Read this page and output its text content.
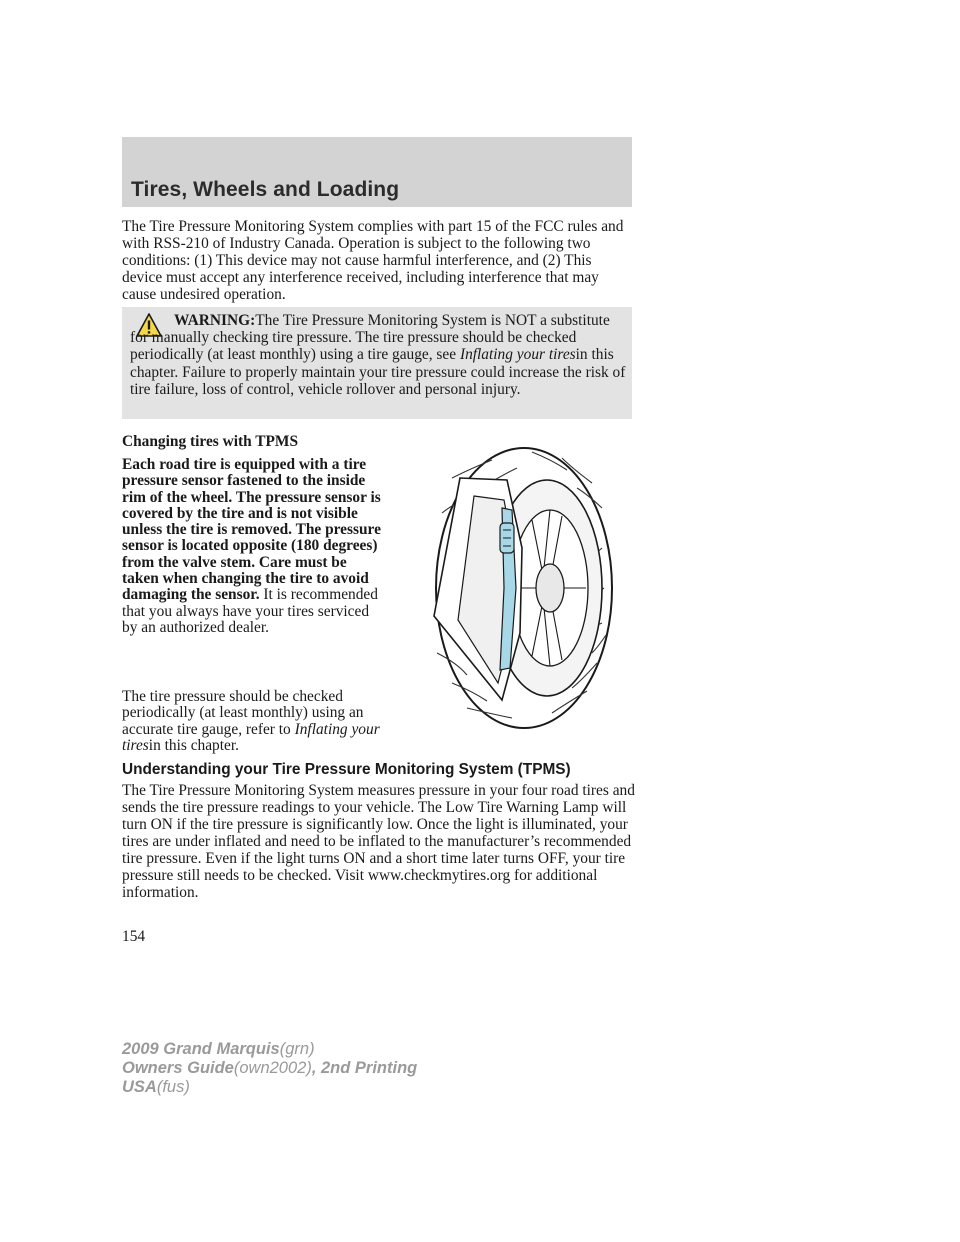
Tires, Wheels and Loading

The Tire Pressure Monitoring System complies with part 15 of the FCC rules and with RSS-210 of Industry Canada. Operation is subject to the following two conditions: (1) This device may not cause harmful interference, and (2) This device must accept any interference received, including interference that may cause undesired operation.

WARNING:The Tire Pressure Monitoring System is NOT a substitute for manually checking tire pressure. The tire pressure should be checked periodically (at least monthly) using a tire gauge, see Inflating your tiresin this chapter. Failure to properly maintain your tire pressure could increase the risk of tire failure, loss of control, vehicle rollover and personal injury.

Changing tires with TPMS

Each road tire is equipped with a tire pressure sensor fastened to the inside rim of the wheel. The pressure sensor is covered by the tire and is not visible unless the tire is removed. The pressure sensor is located opposite (180 degrees) from the valve stem. Care must be taken when changing the tire to avoid damaging the sensor. It is recommended that you always have your tires serviced by an authorized dealer.

The tire pressure should be checked periodically (at least monthly) using an accurate tire gauge, refer to Inflating your tiresin this chapter.

Understanding your Tire Pressure Monitoring System (TPMS)

The Tire Pressure Monitoring System measures pressure in your four road tires and sends the tire pressure readings to your vehicle. The Low Tire Warning Lamp will turn ON if the tire pressure is significantly low. Once the light is illuminated, your tires are under inflated and need to be inflated to the manufacturer’s recommended tire pressure. Even if the light turns ON and a short time later turns OFF, your tire pressure still needs to be checked. Visit www.checkmytires.org for additional information.

154

2009 Grand Marquis(grn)
Owners Guide(own2002), 2nd Printing
USA(fus)
